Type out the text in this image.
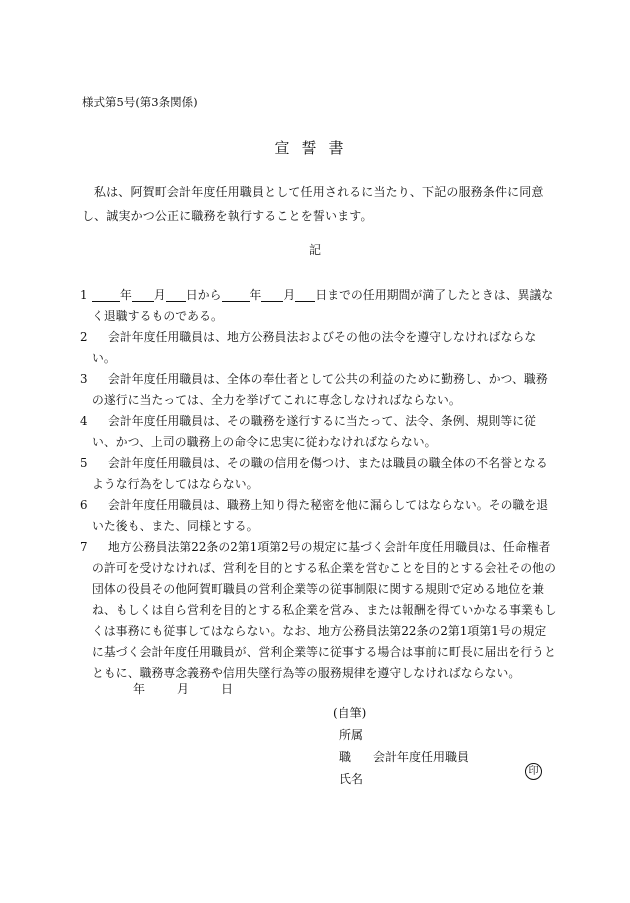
様式第5号(第3条関係)
宣誓書
私は、阿賀町会計年度任用職員として任用されるに当たり、下記の服務条件に同意し、誠実かつ公正に職務を執行することを誓います。
記
1	年 月 日から 年 月 日までの任用期間が満了したときは、異議なく退職するものである。
2	会計年度任用職員は、地方公務員法およびその他の法令を遵守しなければならない。
3	会計年度任用職員は、全体の奉仕者として公共の利益のために勤務し、かつ、職務の遂行に当たっては、全力を挙げてこれに専念しなければならない。
4	会計年度任用職員は、その職務を遂行するに当たって、法令、条例、規則等に従い、かつ、上司の職務上の命令に忠実に従わなければならない。
5	会計年度任用職員は、その職の信用を傷つけ、または職員の職全体の不名誉となるような行為をしてはならない。
6	会計年度任用職員は、職務上知り得た秘密を他に漏らしてはならない。その職を退いた後も、また、同様とする。
7	地方公務員法第22条の2第1項第2号の規定に基づく会計年度任用職員は、任命権者の許可を受けなければ、営利を目的とする私企業を営むことを目的とする会社その他の団体の役員その他阿賀町職員の営利企業等の従事制限に関する規則で定める地位を兼ね、もしくは自ら営利を目的とする私企業を営み、または報酬を得ていかなる事業もしくは事務にも従事してはならない。なお、地方公務員法第22条の2第1項第1号の規定に基づく会計年度任用職員が、営利企業等に従事する場合は事前に町長に届出を行うとともに、職務専念義務や信用失墜行為等の服務規律を遵守しなければならない。
年	月	日
(自筆)
所属
職 会計年度任用職員
氏名
印
